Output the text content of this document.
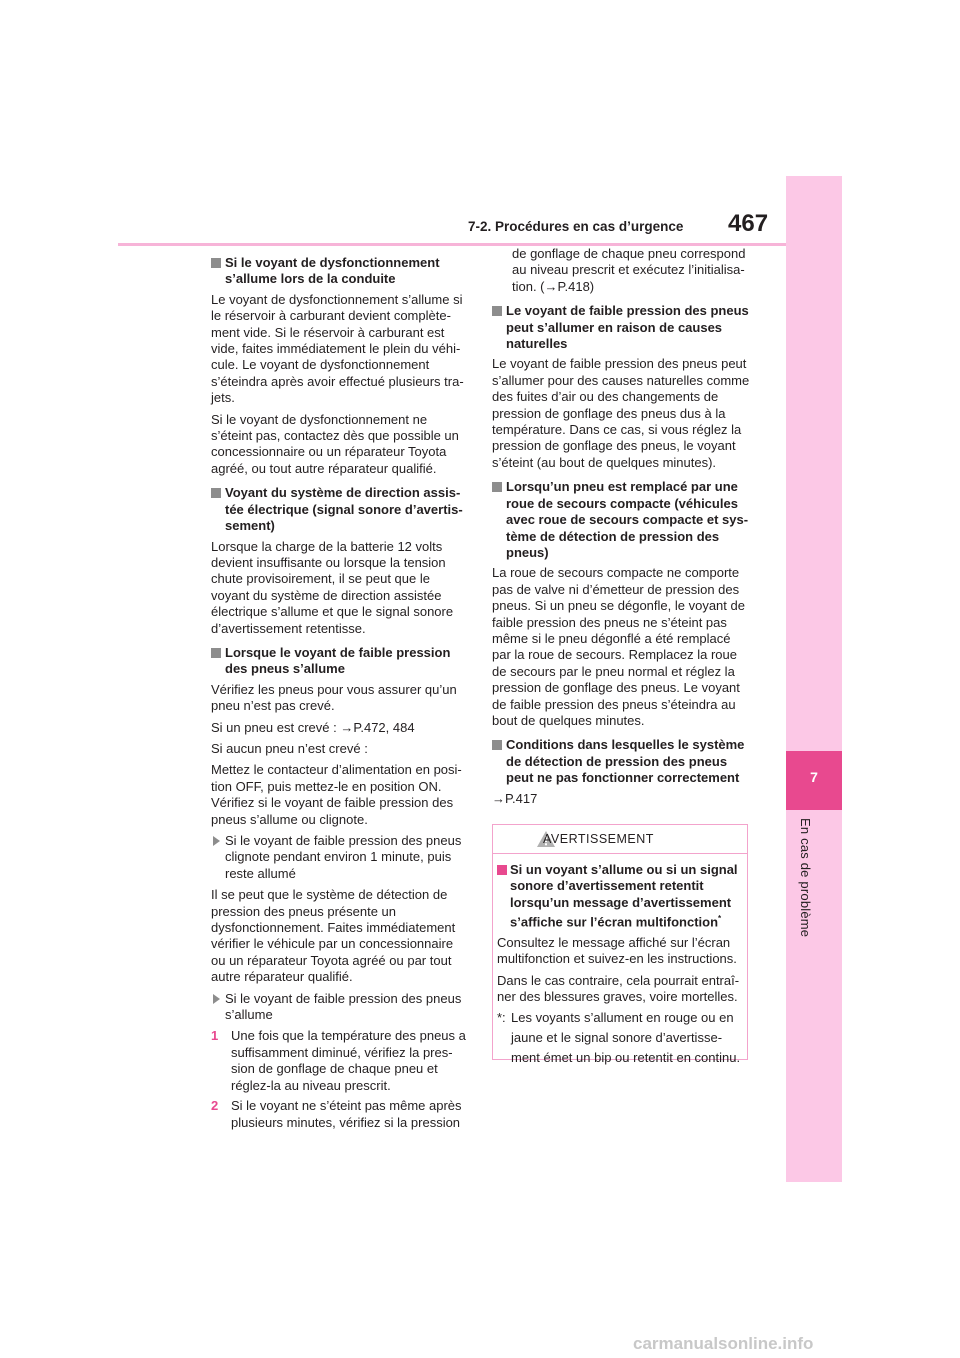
7-2. Procédures en cas d’urgence 467
7
En cas de problème
Si le voyant de dysfonctionnement s’allume lors de la conduite

Le voyant de dysfonctionnement s’allume si le réservoir à carburant devient complètement vide. Si le réservoir à carburant est vide, faites immédiatement le plein du véhicule. Le voyant de dysfonctionnement s’éteindra après avoir effectué plusieurs trajets.

Si le voyant de dysfonctionnement ne s’éteint pas, contactez dès que possible un concessionnaire ou un réparateur Toyota agréé, ou tout autre réparateur qualifié.

Voyant du système de direction assistée électrique (signal sonore d’avertissement)

Lorsque la charge de la batterie 12 volts devient insuffisante ou lorsque la tension chute provisoirement, il se peut que le voyant du système de direction assistée électrique s’allume et que le signal sonore d’avertissement retentisse.

Lorsque le voyant de faible pression des pneus s’allume

Vérifiez les pneus pour vous assurer qu’un pneu n’est pas crevé.

Si un pneu est crevé : →P.472, 484

Si aucun pneu n’est crevé :

Mettez le contacteur d’alimentation en position OFF, puis mettez-le en position ON. Vérifiez si le voyant de faible pression des pneus s’allume ou clignote.

Si le voyant de faible pression des pneus clignote pendant environ 1 minute, puis reste allumé

Il se peut que le système de détection de pression des pneus présente un dysfonctionnement. Faites immédiatement vérifier le véhicule par un concessionnaire ou un réparateur Toyota agréé ou par tout autre réparateur qualifié.

Si le voyant de faible pression des pneus s’allume
1 Une fois que la température des pneus a suffisamment diminué, vérifiez la pression de gonflage de chaque pneu et réglez-la au niveau prescrit.
2 Si le voyant ne s’éteint pas même après plusieurs minutes, vérifiez si la pression

de gonflage de chaque pneu correspond au niveau prescrit et exécutez l’initialisation. (→P.418)

Le voyant de faible pression des pneus peut s’allumer en raison de causes naturelles

Le voyant de faible pression des pneus peut s’allumer pour des causes naturelles comme des fuites d’air ou des changements de pression de gonflage des pneus dus à la température. Dans ce cas, si vous réglez la pression de gonflage des pneus, le voyant s’éteint (au bout de quelques minutes).

Lorsqu’un pneu est remplacé par une roue de secours compacte (véhicules avec roue de secours compacte et système de détection de pression des pneus)

La roue de secours compacte ne comporte pas de valve ni d’émetteur de pression des pneus. Si un pneu se dégonfle, le voyant de faible pression des pneus ne s’éteint pas même si le pneu dégonflé a été remplacé par la roue de secours. Remplacez la roue de secours par le pneu normal et réglez la pression de gonflage des pneus. Le voyant de faible pression des pneus s’éteindra au bout de quelques minutes.

Conditions dans lesquelles le système de détection de pression des pneus peut ne pas fonctionner correctement

→P.417

AVERTISSEMENT
Si un voyant s’allume ou si un signal sonore d’avertissement retentit lorsqu’un message d’avertissement s’affiche sur l’écran multifonction*

Consultez le message affiché sur l’écran multifonction et suivez-en les instructions.

Dans le cas contraire, cela pourrait entraîner des blessures graves, voire mortelles.

*: Les voyants s’allument en rouge ou en jaune et le signal sonore d’avertissement émet un bip ou retentit en continu.
carmanualsonline.info
